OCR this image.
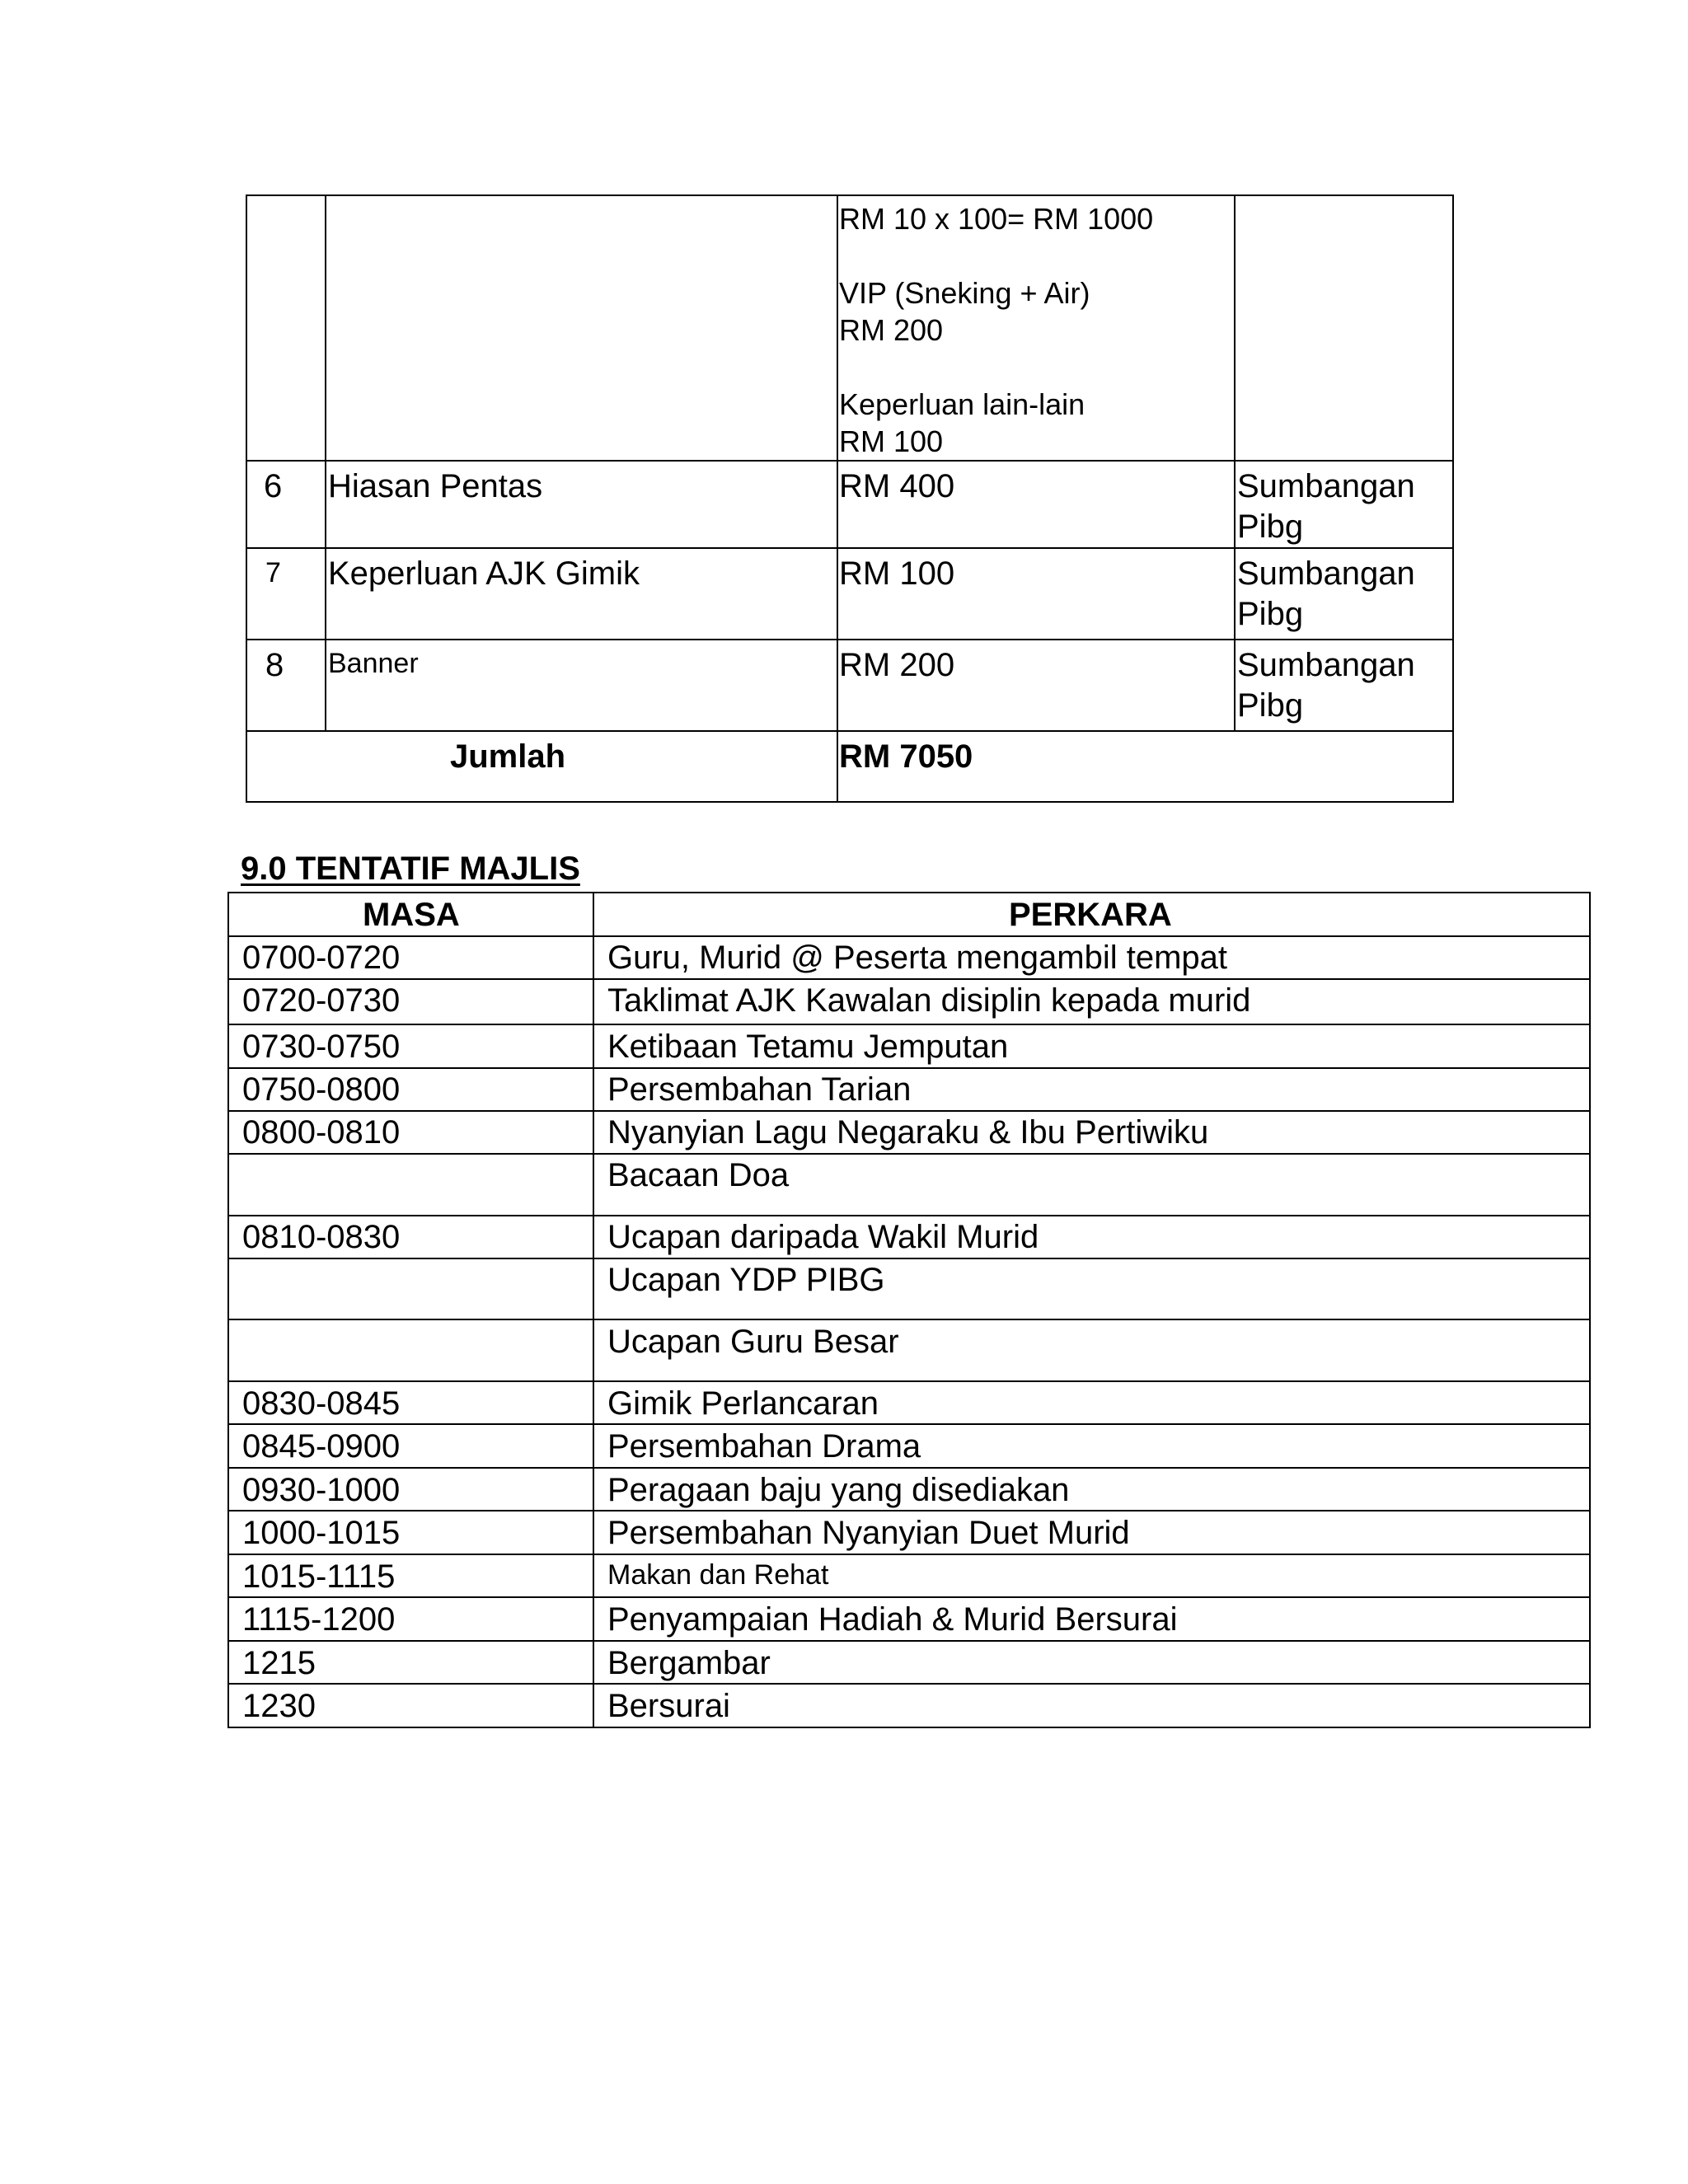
RM 10 x 100= RM 1000
VIP (Sneking + Air)
RM 200
Keperluan lain-lain
RM 100
6 Hiasan Pentas	RM 400	Sumbangan
Pibg
7 Keperluan AJK Gimik	RM 100	Sumbangan
Pibg
8 Banner	RM 200	Sumbangan
Pibg
Jumlah	RM 7050
9.0 TENTATIF MAJLIS
MASA	PERKARA
0700-0720	Guru, Murid @ Peserta mengambil tempat
0720-0730	Taklimat AJK Kawalan disiplin kepada murid
0730-0750	Ketibaan Tetamu Jemputan
0750-0800	Persembahan Tarian
0800-0810	Nyanyian Lagu Negaraku & Ibu Pertiwiku
Bacaan Doa
0810-0830	Ucapan daripada Wakil Murid
Ucapan YDP PIBG
Ucapan Guru Besar
0830-0845	Gimik Perlancaran
0845-0900	Persembahan Drama
0930-1000	Peragaan baju yang disediakan
1000-1015	Persembahan Nyanyian Duet Murid
1015-1115	Makan dan Rehat
1115-1200	Penyampaian Hadiah & Murid Bersurai
1215	Bergambar
1230	Bersurai
